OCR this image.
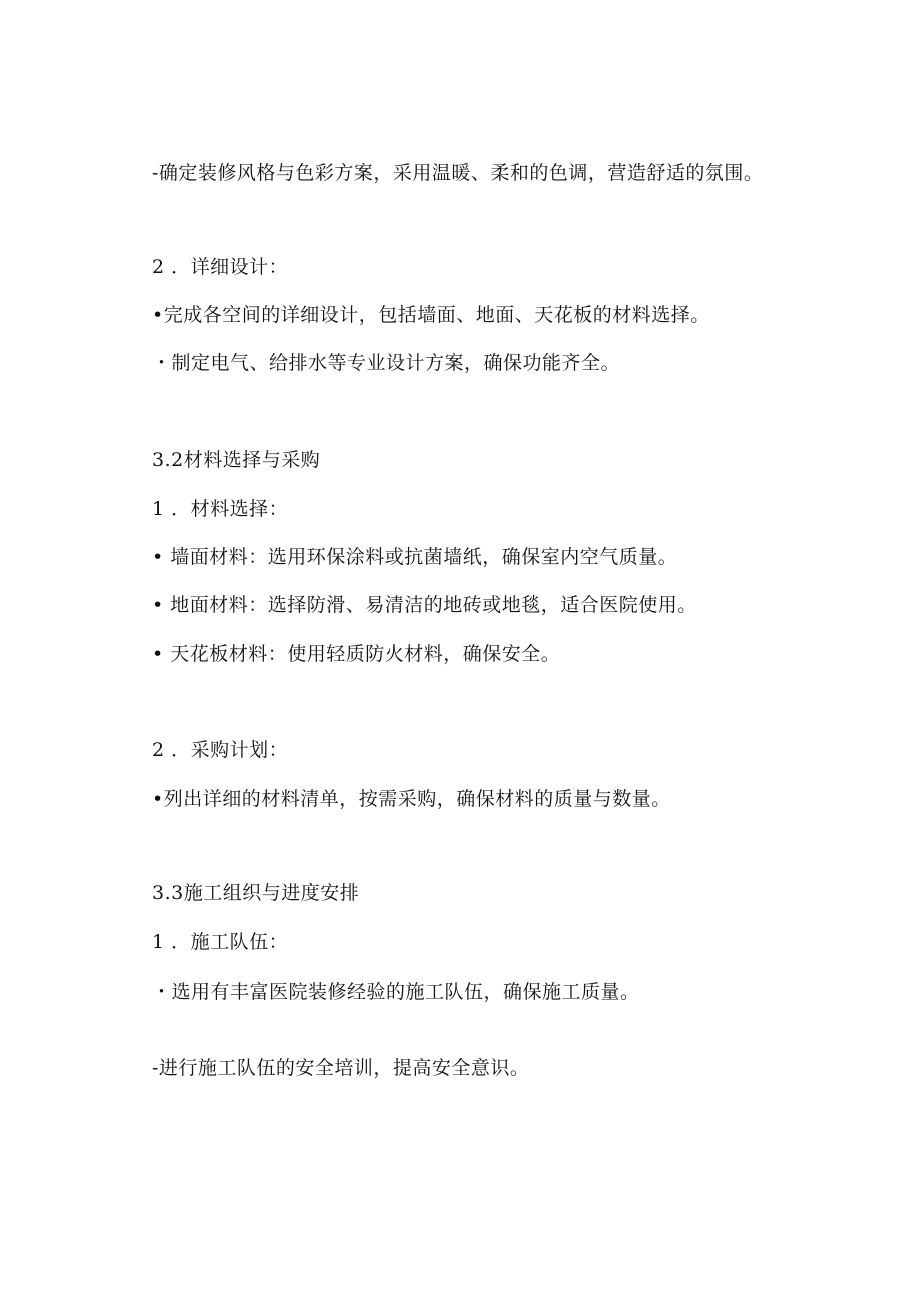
-确定装修风格与色彩方案，采用温暖、柔和的色调，营造舒适的氛围。
2 ．详细设计：
•完成各空间的详细设计，包括墙面、地面、天花板的材料选择。
・制定电气、给排水等专业设计方案，确保功能齐全。
3.2材料选择与采购
1 ．材料选择：
• 墙面材料：选用环保涂料或抗菌墙纸，确保室内空气质量。
• 地面材料：选择防滑、易清洁的地砖或地毯，适合医院使用。
• 天花板材料：使用轻质防火材料，确保安全。
2 ．采购计划：
•列出详细的材料清单，按需采购，确保材料的质量与数量。
3.3施工组织与进度安排
1 ．施工队伍：
・选用有丰富医院装修经验的施工队伍，确保施工质量。
-进行施工队伍的安全培训，提高安全意识。
